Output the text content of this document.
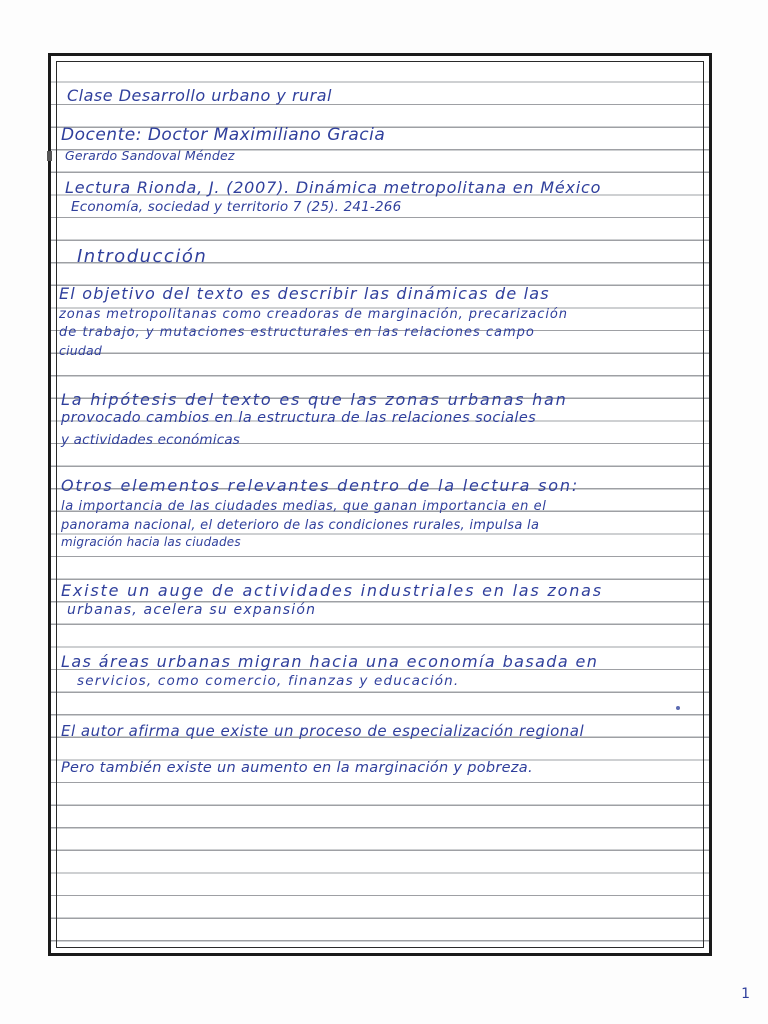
Clase Desarrollo urbano y rural
Docente: Doctor Maximiliano Gracia
Gerardo Sandoval Méndez
Lectura Rionda, J. (2007). Dinámica metropolitana en México
Economía, sociedad y territorio 7 (25). 241-266
Introducción
El objetivo del texto es describir las dinámicas de las
zonas metropolitanas como creadoras de marginación, precarización
de trabajo, y mutaciones estructurales en las relaciones campo
ciudad
La hipótesis del texto es que las zonas urbanas han
provocado cambios en la estructura de las relaciones sociales
y actividades económicas
Otros elementos relevantes dentro de la lectura son:
la importancia de las ciudades medias, que ganan importancia en el
panorama nacional, el deterioro de las condiciones rurales, impulsa la
migración hacia las ciudades
Existe un auge de actividades industriales en las zonas
urbanas, acelera su expansión
Las áreas urbanas migran hacia una economía basada en
servicios, como comercio, finanzas y educación.
El autor afirma que existe un proceso de especialización regional
Pero también existe un aumento en la marginación y pobreza.
1
